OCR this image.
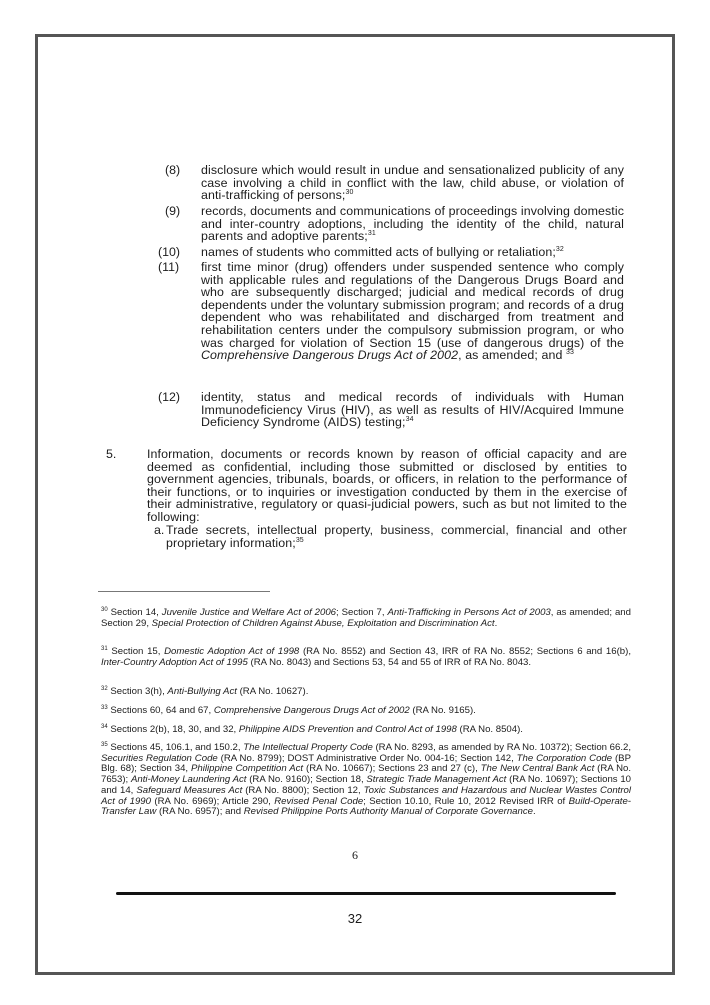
(8) disclosure which would result in undue and sensationalized publicity of any case involving a child in conflict with the law, child abuse, or violation of anti-trafficking of persons;$^{30}$
(9) records, documents and communications of proceedings involving domestic and inter-country adoptions, including the identity of the child, natural parents and adoptive parents;$^{31}$
(10) names of students who committed acts of bullying or retaliation;$^{32}$
(11) first time minor (drug) offenders under suspended sentence who comply with applicable rules and regulations of the Dangerous Drugs Board and who are subsequently discharged; judicial and medical records of drug dependents under the voluntary submission program; and records of a drug dependent who was rehabilitated and discharged from treatment and rehabilitation centers under the compulsory submission program, or who was charged for violation of Section 15 (use of dangerous drugs) of the Comprehensive Dangerous Drugs Act of 2002, as amended; and $^{33}$
(12) identity, status and medical records of individuals with Human Immunodeficiency Virus (HIV), as well as results of HIV/Acquired Immune Deficiency Syndrome (AIDS) testing;$^{34}$
5. Information, documents or records known by reason of official capacity and are deemed as confidential, including those submitted or disclosed by entities to government agencies, tribunals, boards, or officers, in relation to the performance of their functions, or to inquiries or investigation conducted by them in the exercise of their administrative, regulatory or quasi-judicial powers, such as but not limited to the following:
a. Trade secrets, intellectual property, business, commercial, financial and other proprietary information;$^{35}$
$^{30}$ Section 14, Juvenile Justice and Welfare Act of 2006; Section 7, Anti-Trafficking in Persons Act of 2003, as amended; and Section 29, Special Protection of Children Against Abuse, Exploitation and Discrimination Act.
$^{31}$ Section 15, Domestic Adoption Act of 1998 (RA No. 8552) and Section 43, IRR of RA No. 8552; Sections 6 and 16(b), Inter-Country Adoption Act of 1995 (RA No. 8043) and Sections 53, 54 and 55 of IRR of RA No. 8043.
$^{32}$ Section 3(h), Anti-Bullying Act (RA No. 10627).
$^{33}$ Sections 60, 64 and 67, Comprehensive Dangerous Drugs Act of 2002 (RA No. 9165).
$^{34}$ Sections 2(b), 18, 30, and 32, Philippine AIDS Prevention and Control Act of 1998 (RA No. 8504).
$^{35}$ Sections 45, 106.1, and 150.2, The Intellectual Property Code (RA No. 8293, as amended by RA No. 10372); Section 66.2, Securities Regulation Code (RA No. 8799); DOST Administrative Order No. 004-16; Section 142, The Corporation Code (BP Blg. 68); Section 34, Philippine Competition Act (RA No. 10667); Sections 23 and 27 (c), The New Central Bank Act (RA No. 7653); Anti-Money Laundering Act (RA No. 9160); Section 18, Strategic Trade Management Act (RA No. 10697); Sections 10 and 14, Safeguard Measures Act (RA No. 8800); Section 12, Toxic Substances and Hazardous and Nuclear Wastes Control Act of 1990 (RA No. 6969); Article 290, Revised Penal Code; Section 10.10, Rule 10, 2012 Revised IRR of Build-Operate-Transfer Law (RA No. 6957); and Revised Philippine Ports Authority Manual of Corporate Governance.
6
32
